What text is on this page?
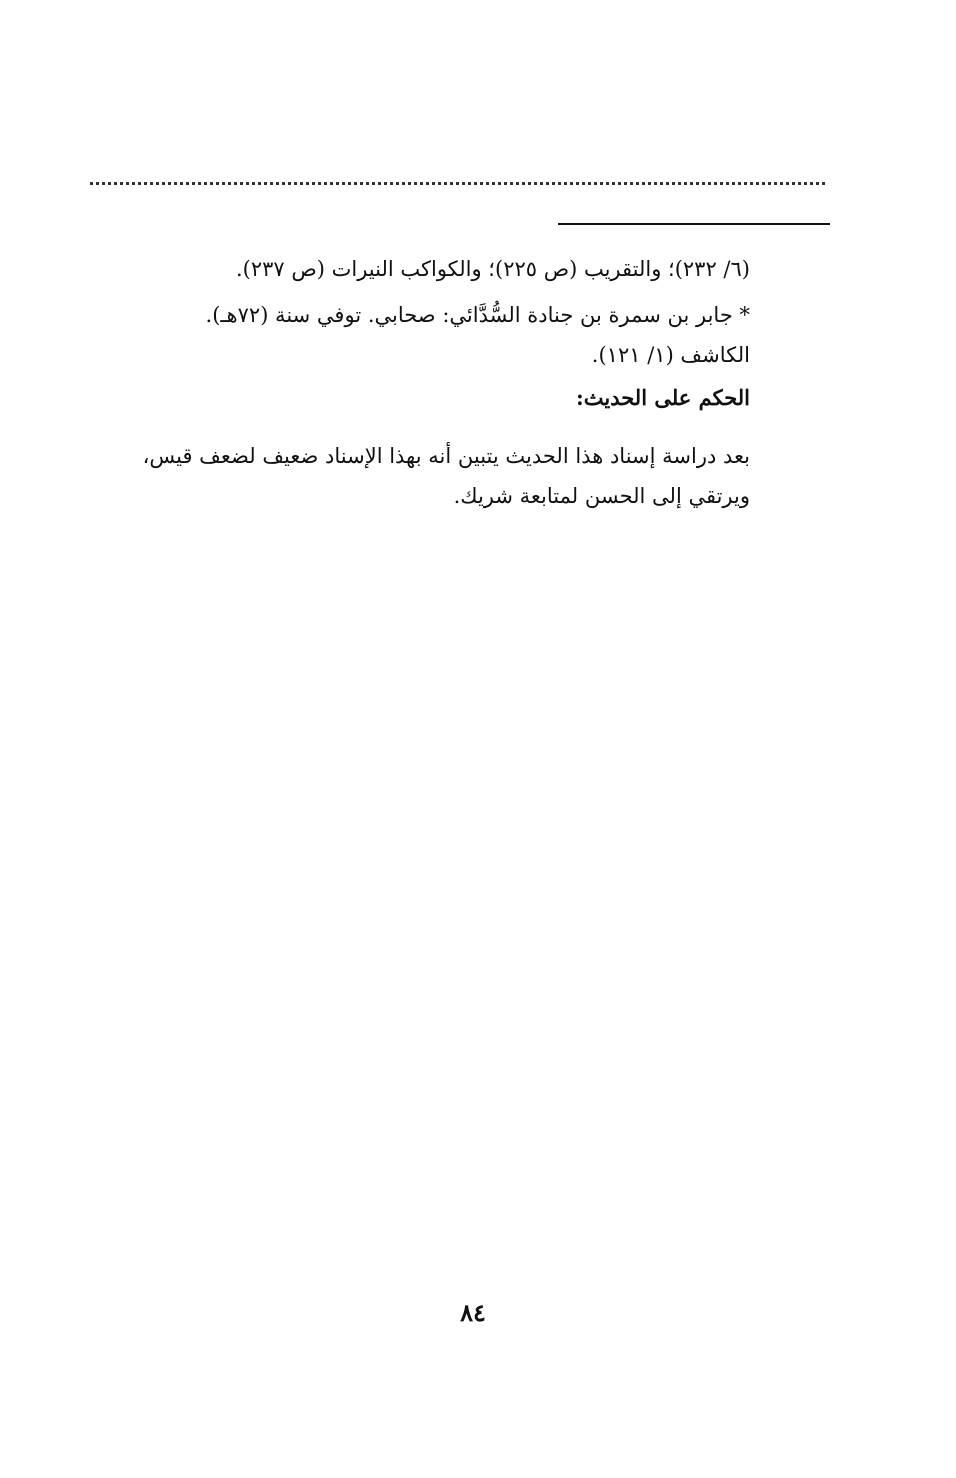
(٦/ ٢٣٢)؛ والتقريب (ص ٢٢٥)؛ والكواكب النيرات (ص ٢٣٧).
* جابر بن سمرة بن جنادة السُّدَّائي: صحابي. توفي سنة (٧٢هـ).
الكاشف (١/ ١٢١).
الحكم على الحديث:
بعد دراسة إسناد هذا الحديث يتبين أنه بهذا الإسناد ضعيف لضعف قيس،
ويرتقي إلى الحسن لمتابعة شريك.
٨٤
